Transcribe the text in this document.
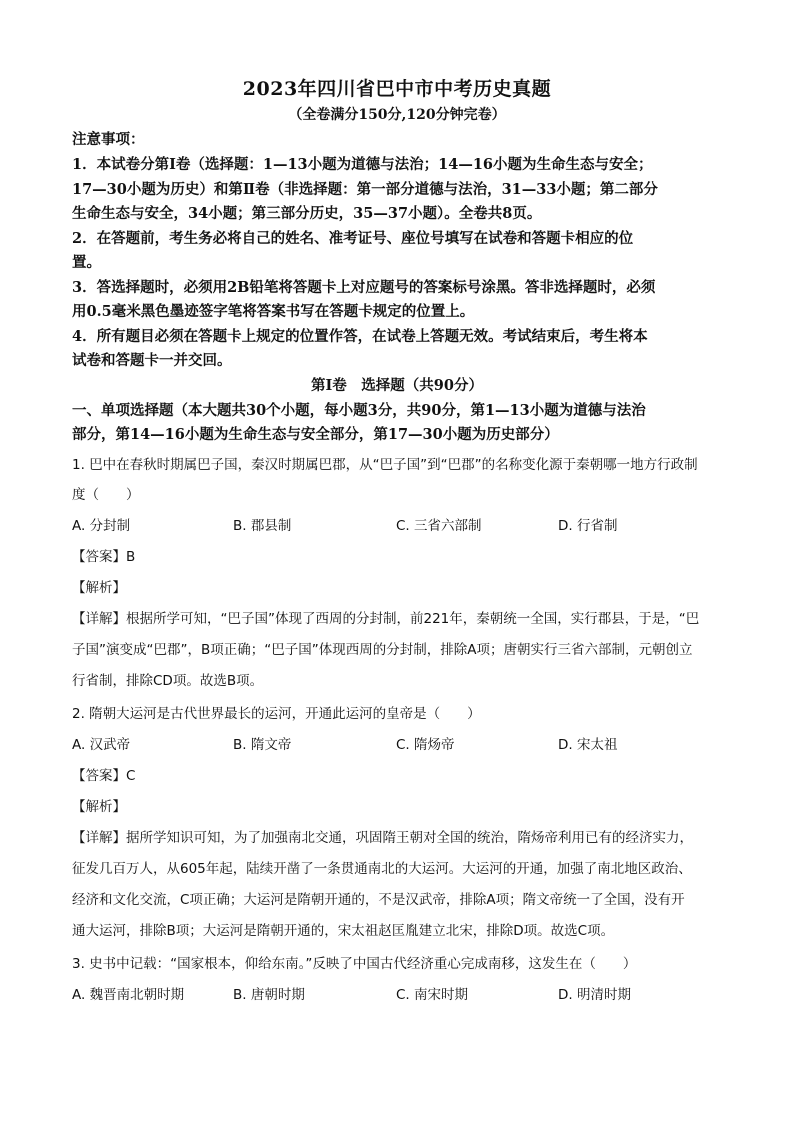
2023年四川省巴中市中考历史真题
（全卷满分150分,120分钟完卷）
注意事项：
1．本试卷分第Ⅰ卷（选择题：1—13小题为道德与法治；14—16小题为生命生态与安全；
17—30小题为历史）和第Ⅱ卷（非选择题：第一部分道德与法治，31—33小题；第二部分
生命生态与安全，34小题；第三部分历史，35—37小题）。全卷共8页。
2．在答题前，考生务必将自己的姓名、准考证号、座位号填写在试卷和答题卡相应的位
置。
3．答选择题时，必须用2B铅笔将答题卡上对应题号的答案标号涂黑。答非选择题时，必须
用0.5毫米黑色墨迹签字笔将答案书写在答题卡规定的位置上。
4．所有题目必须在答题卡上规定的位置作答，在试卷上答题无效。考试结束后，考生将本
试卷和答题卡一并交回。
第Ⅰ卷　选择题（共90分）
一、单项选择题（本大题共30个小题，每小题3分，共90分，第1—13小题为道德与法治
部分，第14—16小题为生命生态与安全部分，第17—30小题为历史部分）
1. 巴中在春秋时期属巴子国，秦汉时期属巴郡，从“巴子国”到“巴郡”的名称变化源于秦朝哪一地方行政制
度（　　）
A. 分封制	B. 郡县制	C. 三省六部制	D. 行省制
【答案】B
【解析】
【详解】根据所学可知，“巴子国”体现了西周的分封制，前221年，秦朝统一全国，实行郡县，于是，“巴
子国”演变成“巴郡”，B项正确；“巴子国”体现西周的分封制，排除A项；唐朝实行三省六部制，元朝创立
行省制，排除CD项。故选B项。
2. 隋朝大运河是古代世界最长的运河，开通此运河的皇帝是（　　）
A. 汉武帝	B. 隋文帝	C. 隋炀帝	D. 宋太祖
【答案】C
【解析】
【详解】据所学知识可知，为了加强南北交通，巩固隋王朝对全国的统治，隋炀帝利用已有的经济实力，
征发几百万人，从605年起，陆续开凿了一条贯通南北的大运河。大运河的开通，加强了南北地区政治、
经济和文化交流，C项正确；大运河是隋朝开通的，不是汉武帝，排除A项；隋文帝统一了全国，没有开
通大运河，排除B项；大运河是隋朝开通的，宋太祖赵匡胤建立北宋，排除D项。故选C项。
3. 史书中记载：“国家根本，仰给东南。”反映了中国古代经济重心完成南移，这发生在（　　）
A. 魏晋南北朝时期	B. 唐朝时期	C. 南宋时期	D. 明清时期
